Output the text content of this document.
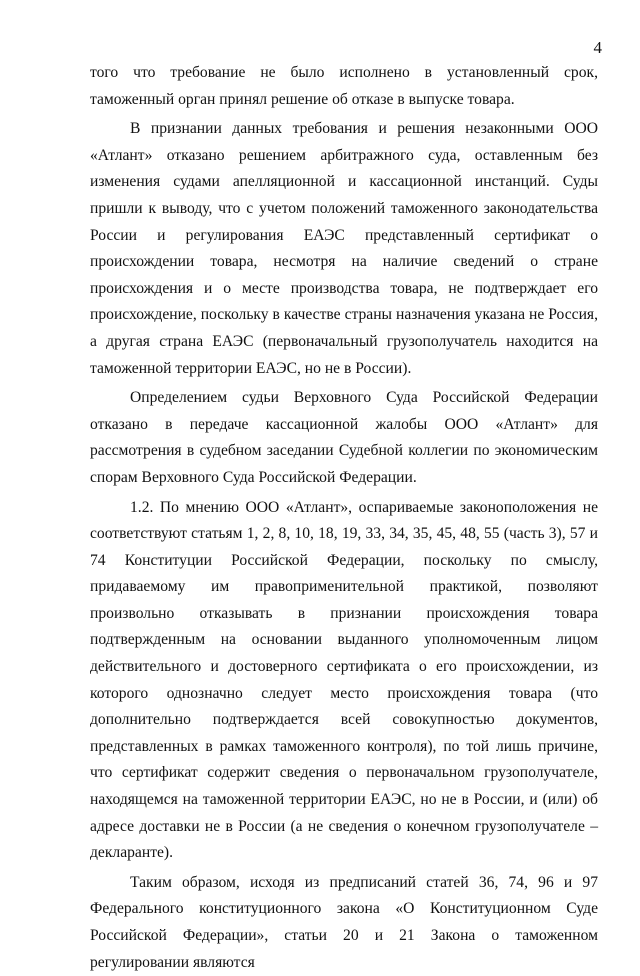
4

того что требование не было исполнено в установленный срок, таможенный орган принял решение об отказе в выпуске товара.

В признании данных требования и решения незаконными ООО «Атлант» отказано решением арбитражного суда, оставленным без изменения судами апелляционной и кассационной инстанций. Суды пришли к выводу, что с учетом положений таможенного законодательства России и регулирования ЕАЭС представленный сертификат о происхождении товара, несмотря на наличие сведений о стране происхождения и о месте производства товара, не подтверждает его происхождение, поскольку в качестве страны назначения указана не Россия, а другая страна ЕАЭС (первоначальный грузополучатель находится на таможенной территории ЕАЭС, но не в России).

Определением судьи Верховного Суда Российской Федерации отказано в передаче кассационной жалобы ООО «Атлант» для рассмотрения в судебном заседании Судебной коллегии по экономическим спорам Верховного Суда Российской Федерации.

1.2. По мнению ООО «Атлант», оспариваемые законоположения не соответствуют статьям 1, 2, 8, 10, 18, 19, 33, 34, 35, 45, 48, 55 (часть 3), 57 и 74 Конституции Российской Федерации, поскольку по смыслу, придаваемому им правоприменительной практикой, позволяют произвольно отказывать в признании происхождения товара подтвержденным на основании выданного уполномоченным лицом действительного и достоверного сертификата о его происхождении, из которого однозначно следует место происхождения товара (что дополнительно подтверждается всей совокупностью документов, представленных в рамках таможенного контроля), по той лишь причине, что сертификат содержит сведения о первоначальном грузополучателе, находящемся на таможенной территории ЕАЭС, но не в России, и (или) об адресе доставки не в России (а не сведения о конечном грузополучателе – декларанте).

Таким образом, исходя из предписаний статей 36, 74, 96 и 97 Федерального конституционного закона «О Конституционном Суде Российской Федерации», статьи 20 и 21 Закона о таможенном регулировании являются
